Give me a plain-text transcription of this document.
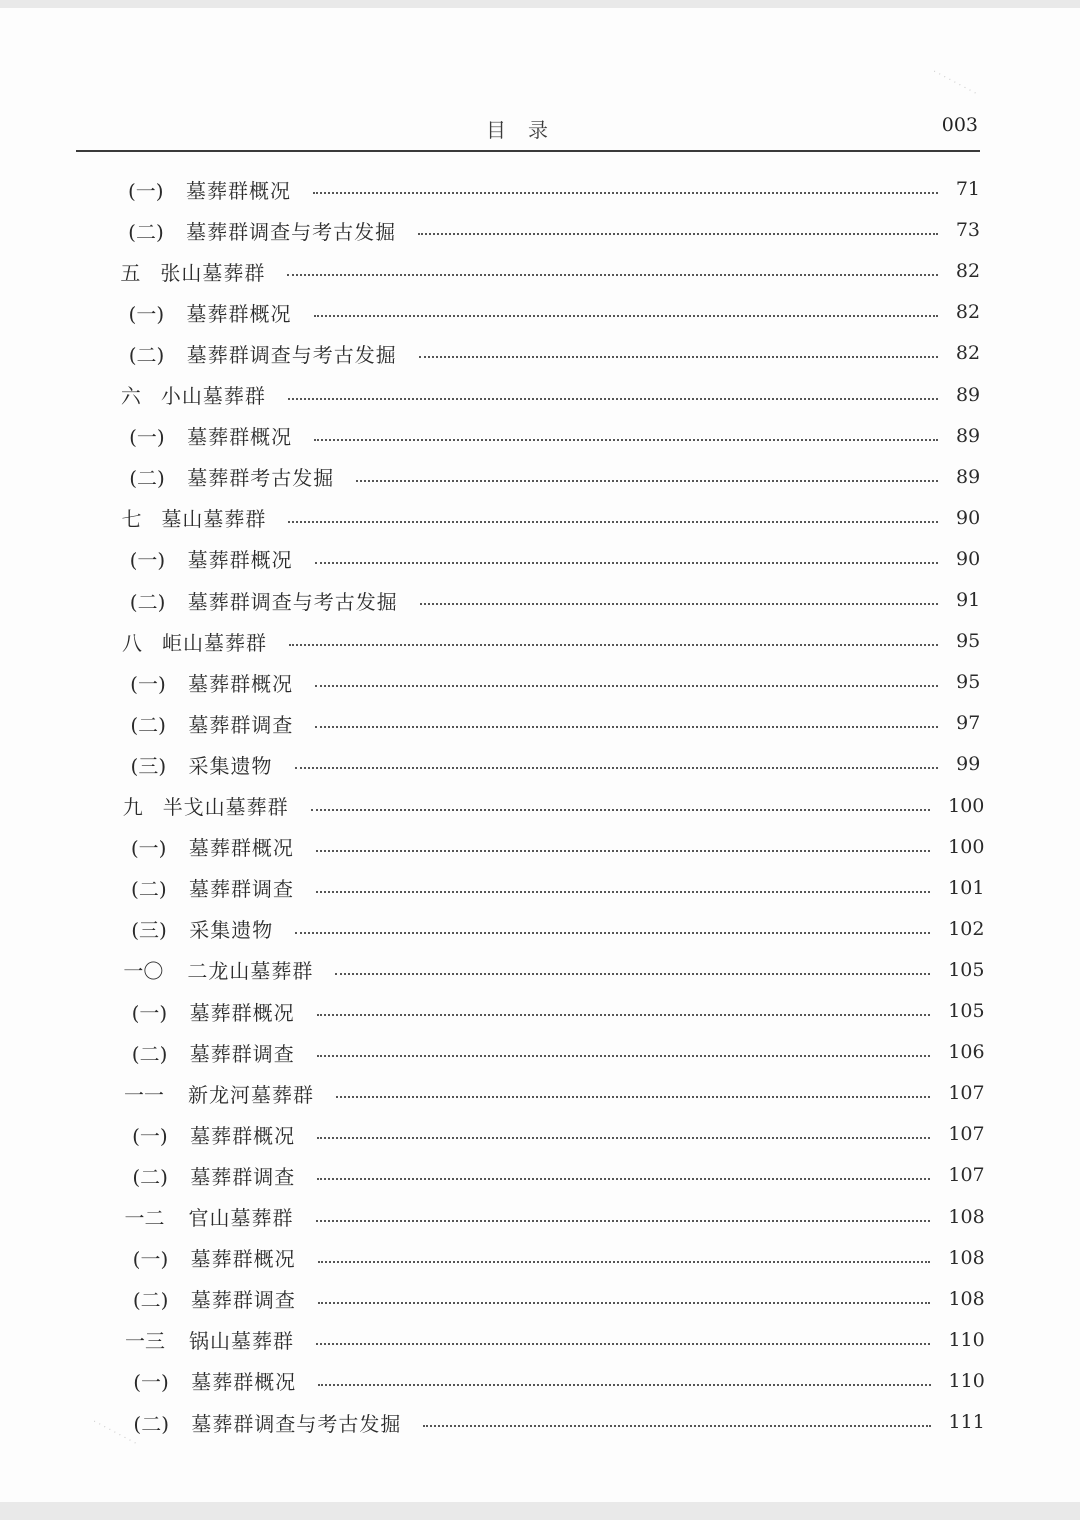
· · · · · · · · ·
目录	003
(一)	墓葬群概况	71
(二)	墓葬群调查与考古发掘	73
五	张山墓葬群	82
(一)	墓葬群概况	82
(二)	墓葬群调查与考古发掘	82
六	小山墓葬群	89
(一)	墓葬群概况	89
(二)	墓葬群考古发掘	89
七	墓山墓葬群	90
(一)	墓葬群概况	90
(二)	墓葬群调查与考古发掘	91
八	岠山墓葬群	95
(一)	墓葬群概况	95
(二)	墓葬群调查	97
(三)	采集遗物	99
九	半戈山墓葬群	100
(一)	墓葬群概况	100
(二)	墓葬群调查	101
(三)	采集遗物	102
一〇	二龙山墓葬群	105
(一)	墓葬群概况	105
(二)	墓葬群调查	106
一一	新龙河墓葬群	107
(一)	墓葬群概况	107
(二)	墓葬群调查	107
一二	官山墓葬群	108
(一)	墓葬群概况	108
(二)	墓葬群调查	108
一三	锅山墓葬群	110
(一)	墓葬群概况	110
(二)	墓葬群调查与考古发掘	111
· · · · · · · · ·
